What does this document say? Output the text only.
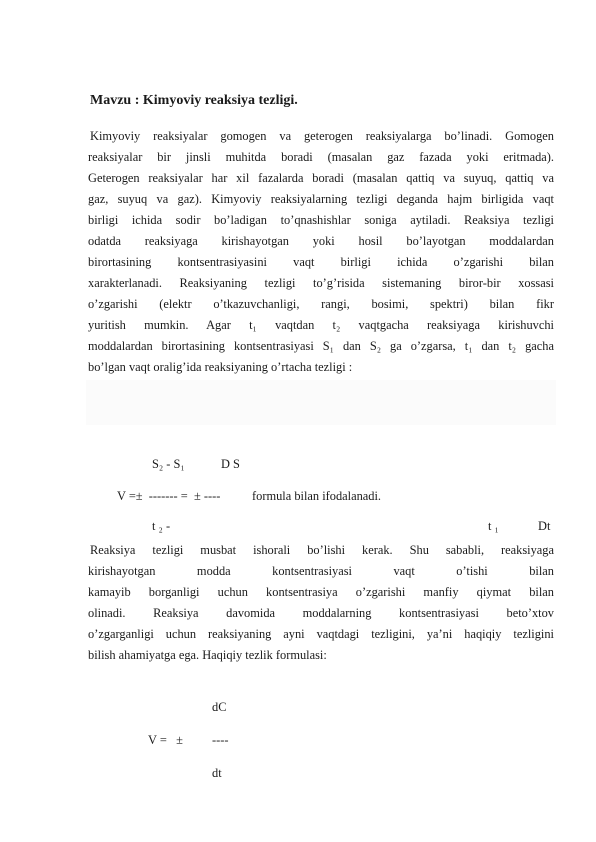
Mavzu : Kimyoviy reaksiya tezligi.
Kimyoviy reaksiyalar gomogen va geterogen reaksiyalarga bo’linadi. Gomogen
reaksiyalar bir jinsli muhitda boradi (masalan gaz fazada yoki eritmada).
Geterogen reaksiyalar har xil fazalarda boradi (masalan qattiq va suyuq, qattiq va
gaz, suyuq va gaz). Kimyoviy reaksiyalarning tezligi deganda hajm birligida vaqt
birligi ichida sodir bo’ladigan to’qnashishlar soniga aytiladi. Reaksiya tezligi
odatda reaksiyaga kirishayotgan yoki hosil bo’layotgan moddalardan
birortasining kontsentrasiyasini vaqt birligi ichida o’zgarishi bilan
xarakterlanadi. Reaksiyaning tezligi to’g’risida sistemaning biror-bir xossasi
o’zgarishi (elektr o’tkazuvchanligi, rangi, bosimi, spektri) bilan fikr
yuritish mumkin. Agar t₁ vaqtdan t₂ vaqtgacha reaksiyaga kirishuvchi
moddalardan birortasining kontsentrasiyasi S₁ dan S₂ ga o’zgarsa, t₁ dan t₂ gacha
bo’lgan vaqt oralig’ida reaksiyaning o’rtacha tezligi :
S₂ - S₁	D S
V =±  ------- =  ± ----	formula bilan ifodalanadi.
t ₂ -	t ₁	Dt
Reaksiya tezligi musbat ishorali bo’lishi kerak. Shu sababli, reaksiyaga
kirishayotgan modda kontsentrasiyasi vaqt o’tishi bilan
kamayib borganligi uchun kontsentrasiya o’zgarishi manfiy qiymat bilan
olinadi. Reaksiya davomida moddalarning kontsentrasiyasi beto’xtov
o’zgarganligi uchun reaksiyaning ayni vaqtdagi tezligini, ya’ni haqiqiy tezligini
bilish ahamiyatga ega. Haqiqiy tezlik formulasi:
dC
V =   ± ----
dt
